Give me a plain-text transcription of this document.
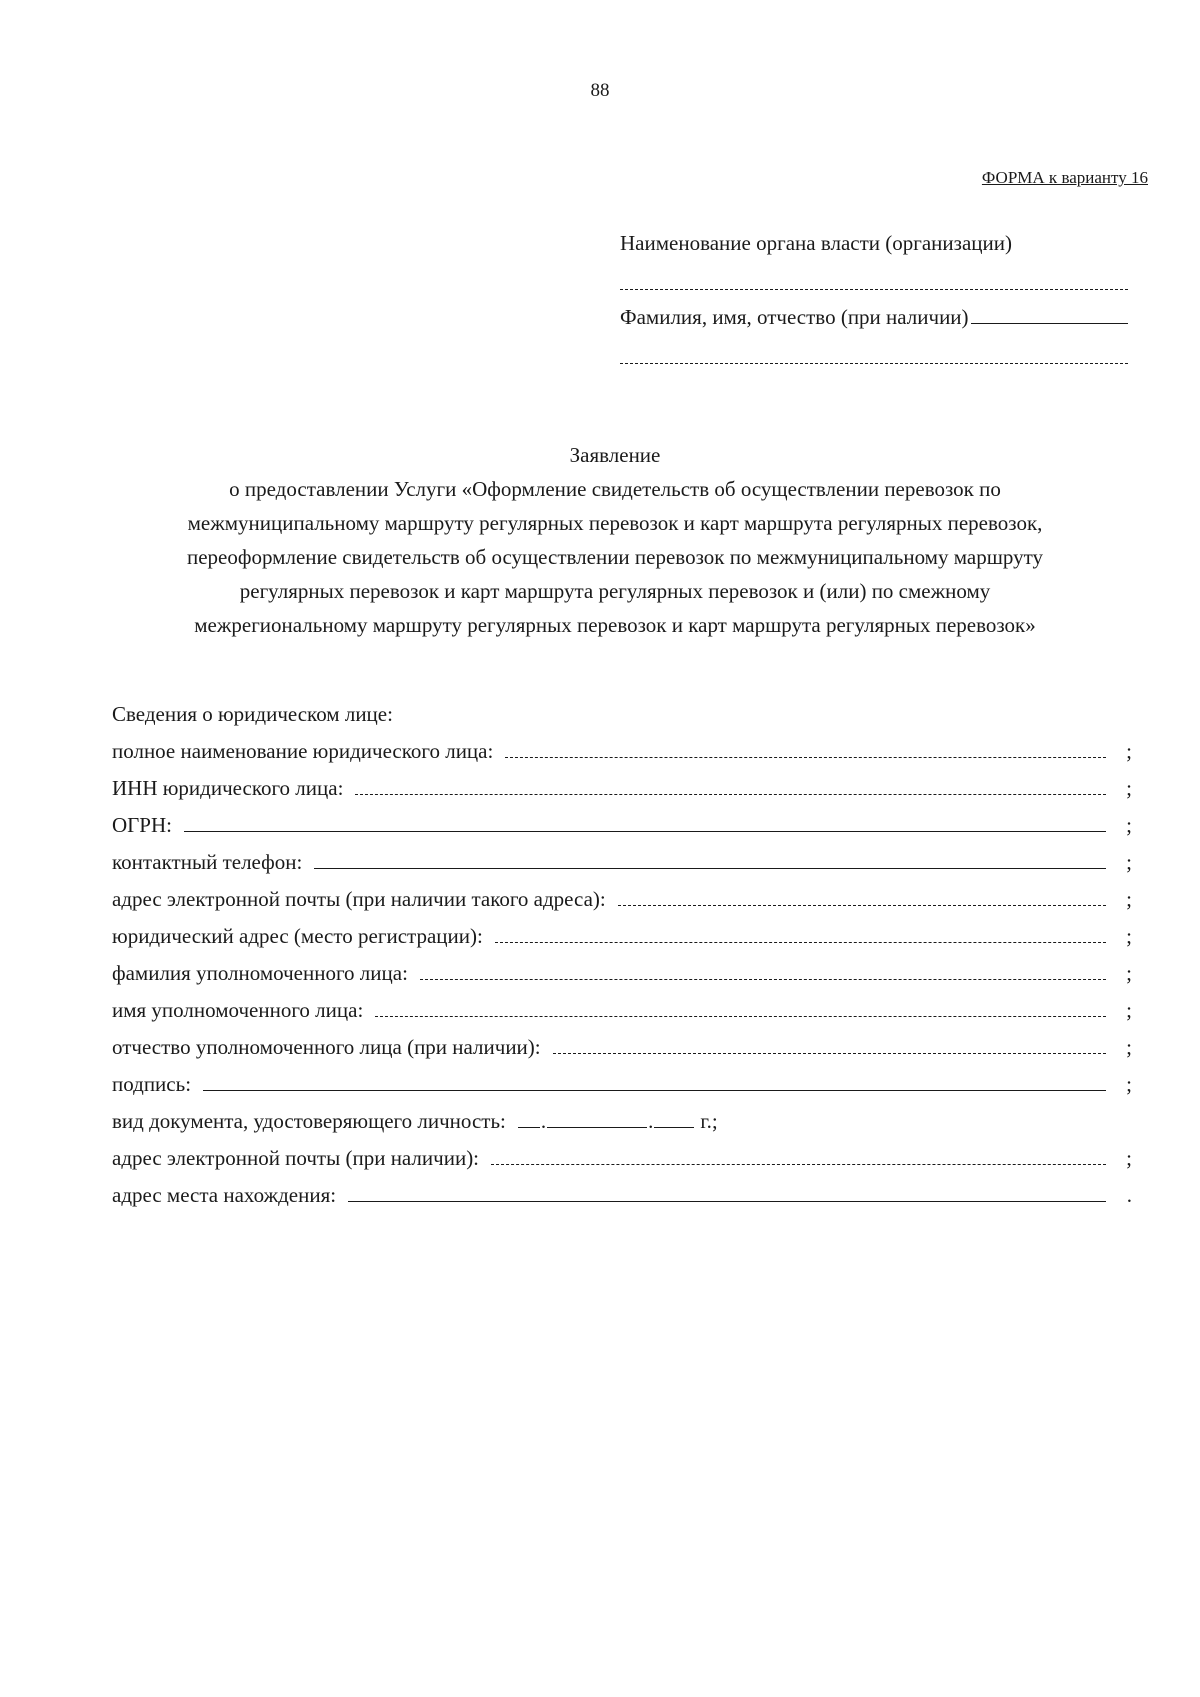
88
ФОРМА к варианту 16
Наименование органа власти (организации)
Фамилия, имя, отчество (при наличии)
Заявление
о предоставлении Услуги «Оформление свидетельств об осуществлении перевозок по
межмуниципальному маршруту регулярных перевозок и карт маршрута регулярных перевозок,
переоформление свидетельств об осуществлении перевозок по межмуниципальному маршруту
регулярных перевозок и карт маршрута регулярных перевозок и (или) по смежному
межрегиональному маршруту регулярных перевозок и карт маршрута регулярных перевозок»
Сведения о юридическом лице:
полное наименование юридического лица:	;
ИНН юридического лица:	;
ОГРН:	;
контактный телефон:	;
адрес электронной почты (при наличии такого адреса):	;
юридический адрес (место регистрации):	;
фамилия уполномоченного лица:	;
имя уполномоченного лица:	;
отчество уполномоченного лица (при наличии):	;
подпись:	;
вид документа, удостоверяющего личность:	.	. г.;
адрес электронной почты (при наличии):	;
адрес места нахождения:	.
